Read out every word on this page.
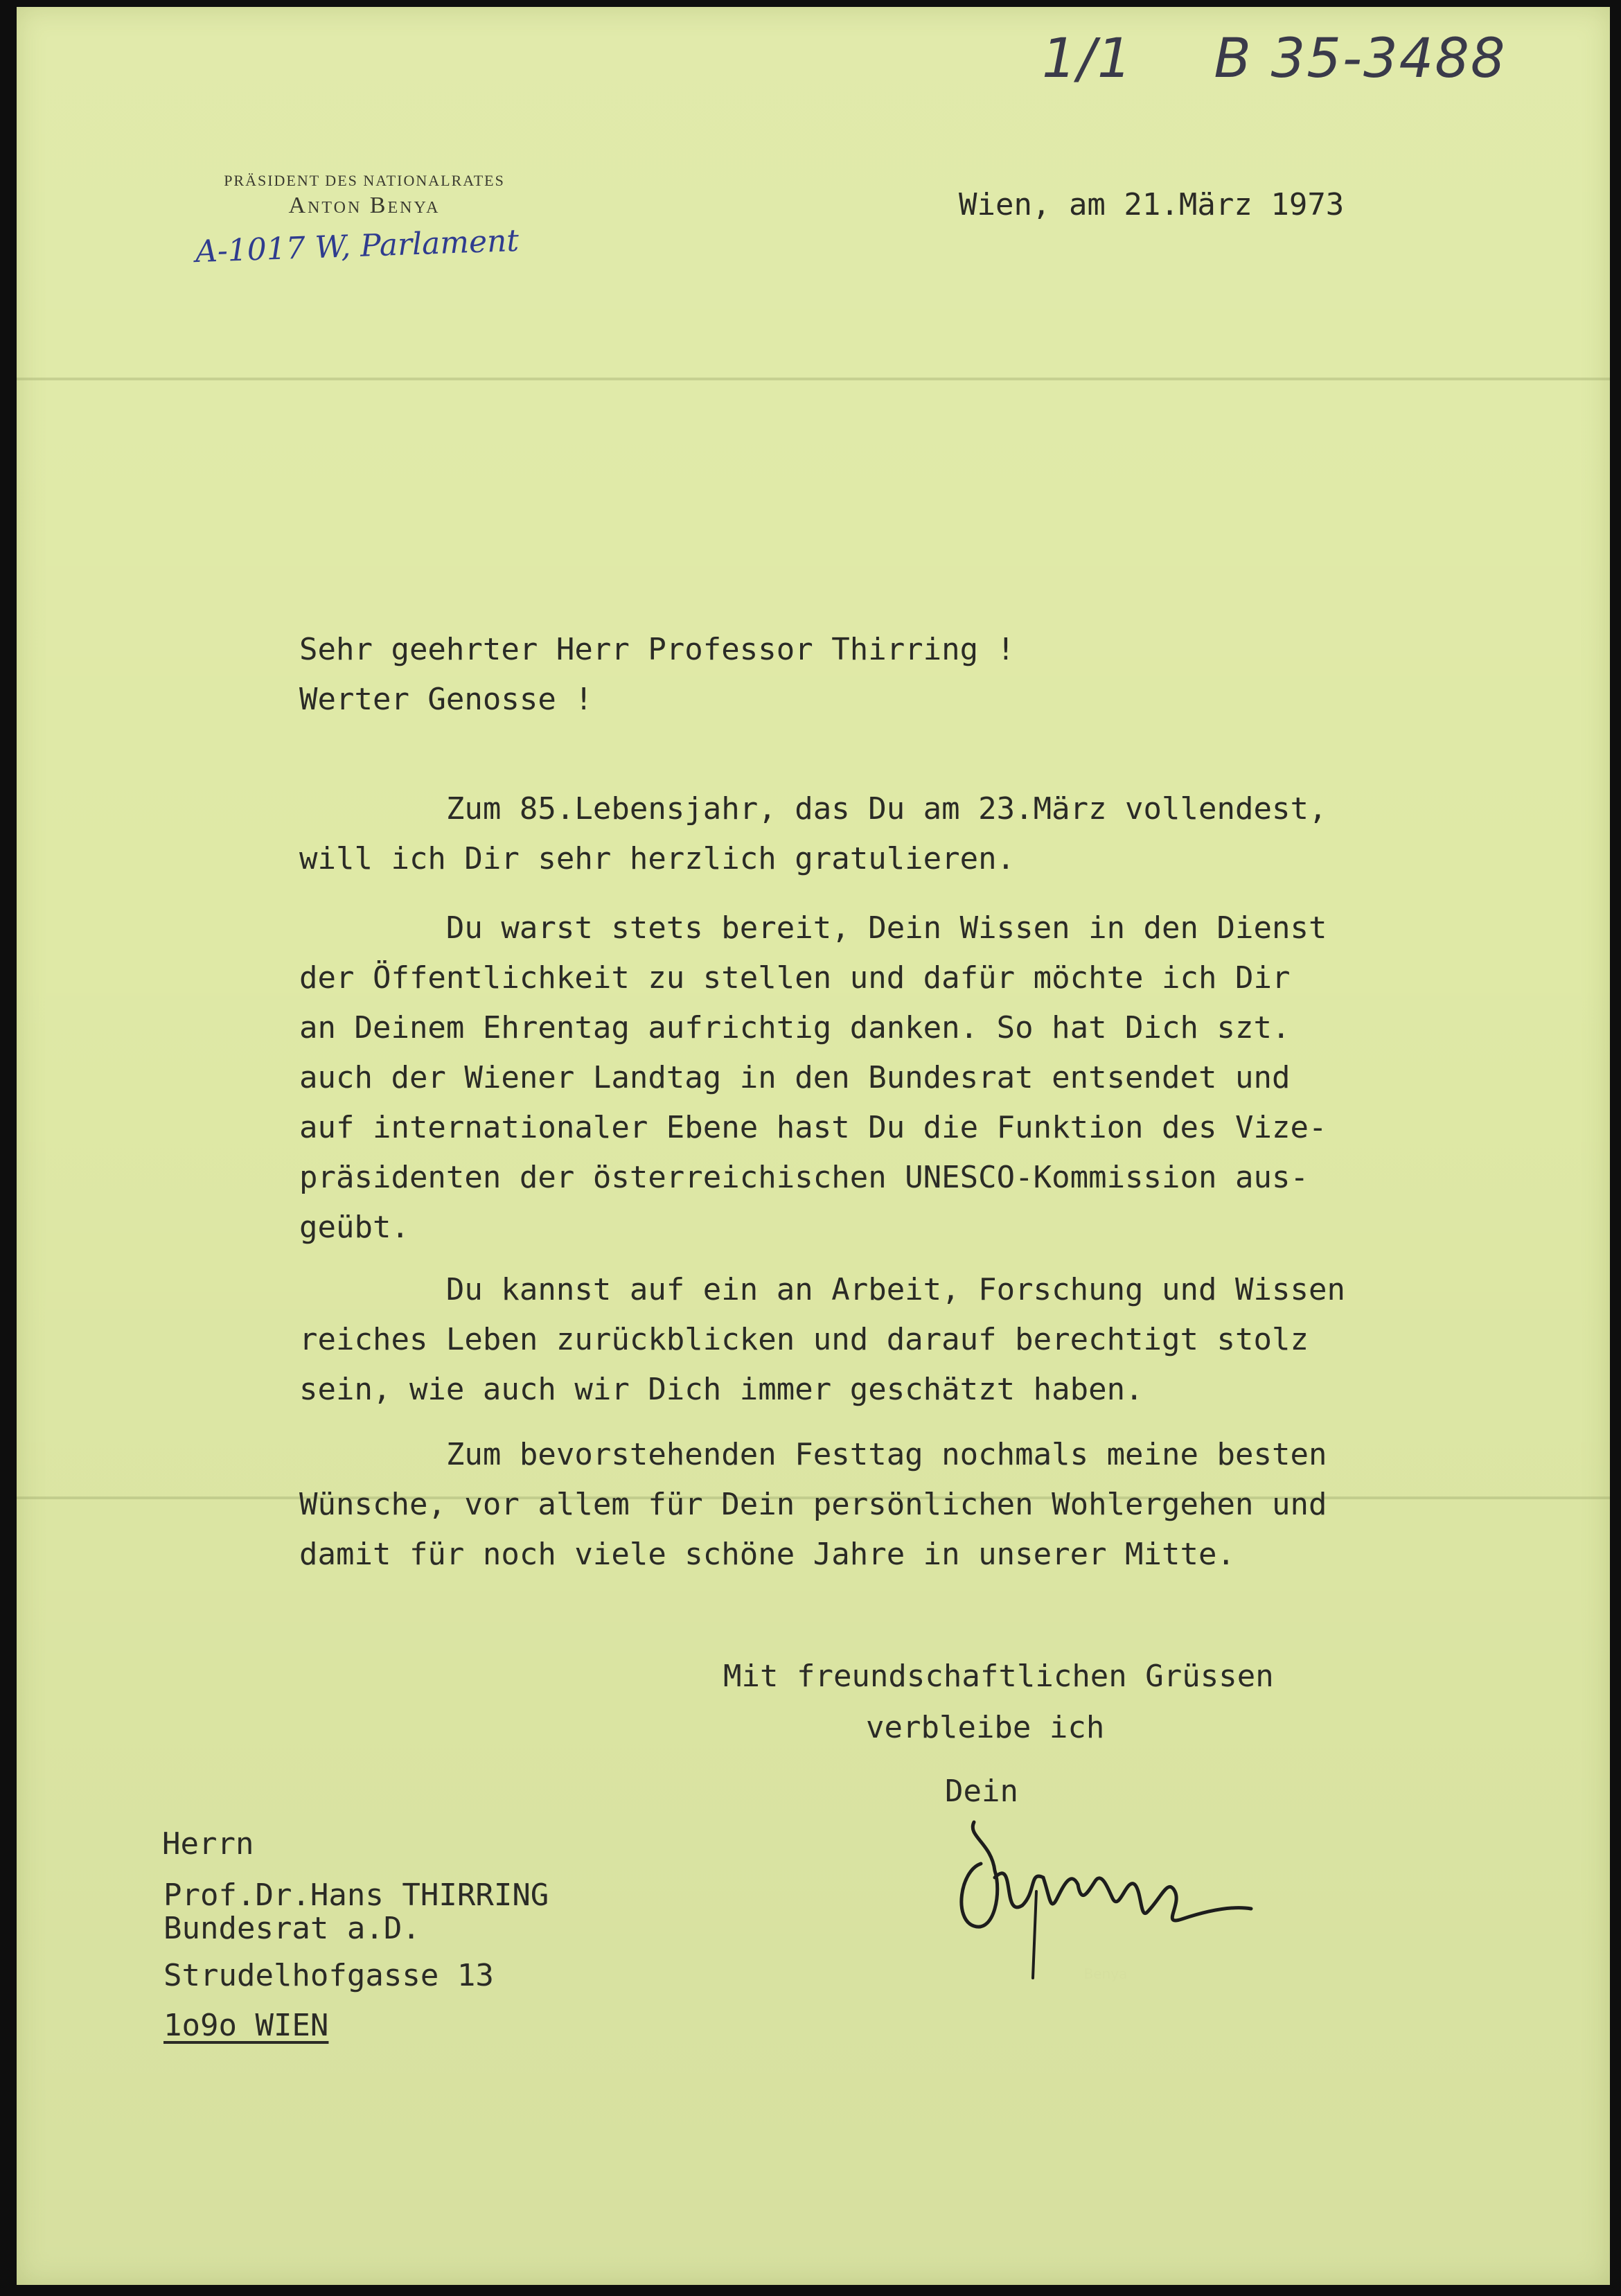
1/1 B 35-3488
PRÄSIDENT DES NATIONALRATES
Anton Benya
A-1017 W, Parlament
Wien, am 21.März 1973
Sehr geehrter Herr Professor Thirring !
Werter Genosse !
Zum 85.Lebensjahr, das Du am 23.März vollendest,
will ich Dir sehr herzlich gratulieren.
Du warst stets bereit, Dein Wissen in den Dienst
der Öffentlichkeit zu stellen und dafür möchte ich Dir
an Deinem Ehrentag aufrichtig danken. So hat Dich szt.
auch der Wiener Landtag in den Bundesrat entsendet und
auf internationaler Ebene hast Du die Funktion des Vize-
präsidenten der österreichischen UNESCO-Kommission aus-
geübt.
Du kannst auf ein an Arbeit, Forschung und Wissen
reiches Leben zurückblicken und darauf berechtigt stolz
sein, wie auch wir Dich immer geschätzt haben.
Zum bevorstehenden Festtag nochmals meine besten
Wünsche, vor allem für Dein persönlichen Wohlergehen und
damit für noch viele schöne Jahre in unserer Mitte.
Mit freundschaftlichen Grüssen
verbleibe ich
Dein
Benya
Herrn
Prof.Dr.Hans THIRRING
Bundesrat a.D.
Strudelhofgasse 13
1o9o WIEN
